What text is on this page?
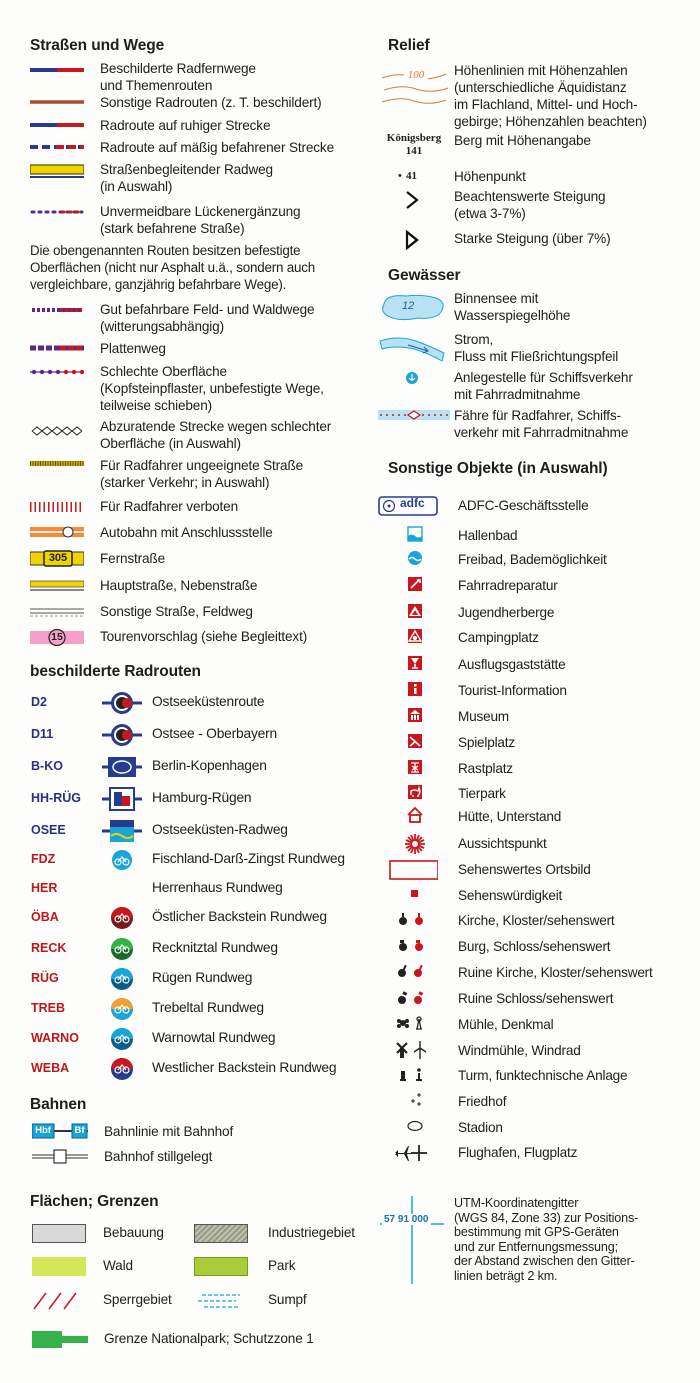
Straßen und Wege
Beschilderte Radfernwege
und Themenrouten
Sonstige Radrouten (z. T. beschildert)
Radroute auf ruhiger Strecke
Radroute auf mäßig befahrener Strecke
Straßenbegleitender Radweg
(in Auswahl)
Unvermeidbare Lückenergänzung
(stark befahrene Straße)
Die obengenannten Routen besitzen befestigte
Oberflächen (nicht nur Asphalt u.ä., sondern auch
vergleichbare, ganzjährig befahrbare Wege).
Gut befahrbare Feld- und Waldwege
(witterungsabhängig)
Plattenweg
Schlechte Oberfläche
(Kopfsteinpflaster, unbefestigte Wege,
teilweise schieben)
Abzuratende Strecke wegen schlechter
Oberfläche (in Auswahl)
Für Radfahrer ungeeignete Straße
(starker Verkehr; in Auswahl)
Für Radfahrer verboten
Autobahn mit Anschlussstelle
305	Fernstraße
Hauptstraße, Nebenstraße
Sonstige Straße, Feldweg
15	Tourenvorschlag (siehe Begleittext)
beschilderte Radrouten
D2	Ostseeküstenroute
D11	Ostsee - Oberbayern
B-KO	Berlin-Kopenhagen
HH-RÜG	Hamburg-Rügen
OSEE	Ostseeküsten-Radweg
FDZ	Fischland-Darß-Zingst Rundweg
HER	Herrenhaus Rundweg
ÖBA	Östlicher Backstein Rundweg
RECK	Recknitztal Rundweg
RÜG	Rügen Rundweg
TREB	Trebeltal Rundweg
WARNO	Warnowtal Rundweg
WEBA	Westlicher Backstein Rundweg
Bahnen
Hbf	Bf Bahnlinie mit Bahnhof
Bahnhof stillgelegt
Flächen; Grenzen
Bebauung	Industriegebiet
Wald	Park
Sperrgebiet	Sumpf
Grenze Nationalpark; Schutzzone 1
Relief
100 Höhenlinien mit Höhenzahlen
(unterschiedliche Äquidistanz
im Flachland, Mittel- und Hoch-
gebirge; Höhenzahlen beachten)
Königsberg
141
Berg mit Höhenangabe
• 41	Höhenpunkt
Beachtenswerte Steigung
(etwa 3-7%)
Starke Steigung (über 7%)
Gewässer
12	Binnensee mit
Wasserspiegelhöhe
Strom,
Fluss mit Fließrichtungspfeil
Anlegestelle für Schiffsverkehr
mit Fahrradmitnahme
Fähre für Radfahrer, Schiffs-
verkehr mit Fahrradmitnahme
Sonstige Objekte (in Auswahl)
adfc ADFC-Geschäftsstelle
Hallenbad
Freibad, Bademöglichkeit
Fahrradreparatur
Jugendherberge
Campingplatz
Ausflugsgaststätte
Tourist-Information
Museum
Spielplatz
Rastplatz
Tierpark
Hütte, Unterstand
Aussichtspunkt
Sehenswertes Ortsbild
Sehenswürdigkeit
Kirche, Kloster/sehenswert
Burg, Schloss/sehenswert
Ruine Kirche, Kloster/sehenswert
Ruine Schloss/sehenswert
Mühle, Denkmal
Windmühle, Windrad
Turm, funktechnische Anlage
Friedhof
Stadion
Flughafen, Flugplatz
57 91 000
UTM-Koordinatengitter
(WGS 84, Zone 33) zur Positions-
bestimmung mit GPS-Geräten
und zur Entfernungsmessung;
der Abstand zwischen den Gitter-
linien beträgt 2 km.
